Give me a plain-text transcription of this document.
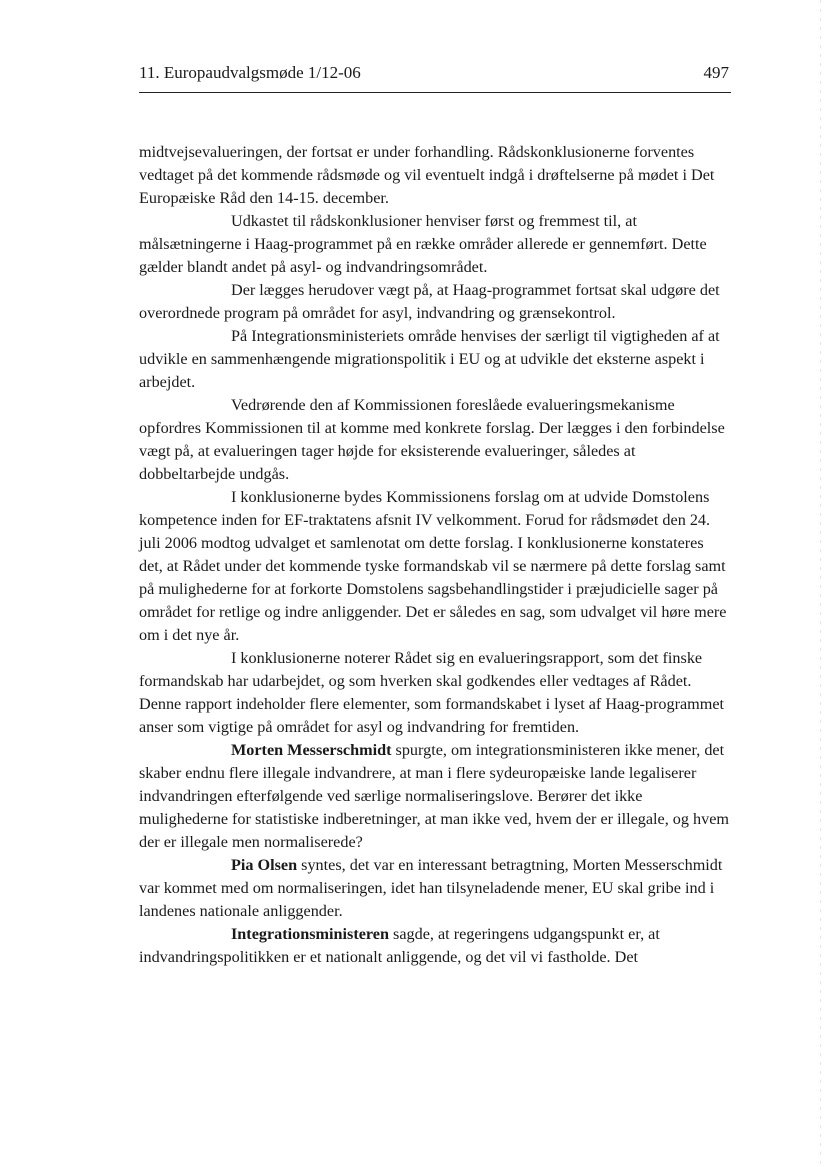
11. Europaudvalgsmøde 1/12-06	497

midtvejsevalueringen, der fortsat er under forhandling. Rådskonklusionerne forventes vedtaget på det kommende rådsmøde og vil eventuelt indgå i drøftelserne på mødet i Det Europæiske Råd den 14-15. december.

Udkastet til rådskonklusioner henviser først og fremmest til, at målsætningerne i Haag-programmet på en række områder allerede er gennemført. Dette gælder blandt andet på asyl- og indvandringsområdet.

Der lægges herudover vægt på, at Haag-programmet fortsat skal udgøre det overordnede program på området for asyl, indvandring og grænsekontrol.

På Integrationsministeriets område henvises der særligt til vigtigheden af at udvikle en sammenhængende migrationspolitik i EU og at udvikle det eksterne aspekt i arbejdet.

Vedrørende den af Kommissionen foreslåede evalueringsmekanisme opfordres Kommissionen til at komme med konkrete forslag. Der lægges i den forbindelse vægt på, at evalueringen tager højde for eksisterende evalueringer, således at dobbeltarbejde undgås.

I konklusionerne bydes Kommissionens forslag om at udvide Domstolens kompetence inden for EF-traktatens afsnit IV velkomment. Forud for rådsmødet den 24. juli 2006 modtog udvalget et samlenotat om dette forslag. I konklusionerne konstateres det, at Rådet under det kommende tyske formandskab vil se nærmere på dette forslag samt på mulighederne for at forkorte Domstolens sagsbehandlingstider i præjudicielle sager på området for retlige og indre anliggender. Det er således en sag, som udvalget vil høre mere om i det nye år.

I konklusionerne noterer Rådet sig en evalueringsrapport, som det finske formandskab har udarbejdet, og som hverken skal godkendes eller vedtages af Rådet. Denne rapport indeholder flere elementer, som formandskabet i lyset af Haag-programmet anser som vigtige på området for asyl og indvandring for fremtiden.

Morten Messerschmidt spurgte, om integrationsministeren ikke mener, det skaber endnu flere illegale indvandrere, at man i flere sydeuropæiske lande legaliserer indvandringen efterfølgende ved særlige normaliseringslove. Berører det ikke mulighederne for statistiske indberetninger, at man ikke ved, hvem der er illegale, og hvem der er illegale men normaliserede?

Pia Olsen syntes, det var en interessant betragtning, Morten Messerschmidt var kommet med om normaliseringen, idet han tilsyneladende mener, EU skal gribe ind i landenes nationale anliggender.

Integrationsministeren sagde, at regeringens udgangspunkt er, at indvandringspolitikken er et nationalt anliggende, og det vil vi fastholde. Det
